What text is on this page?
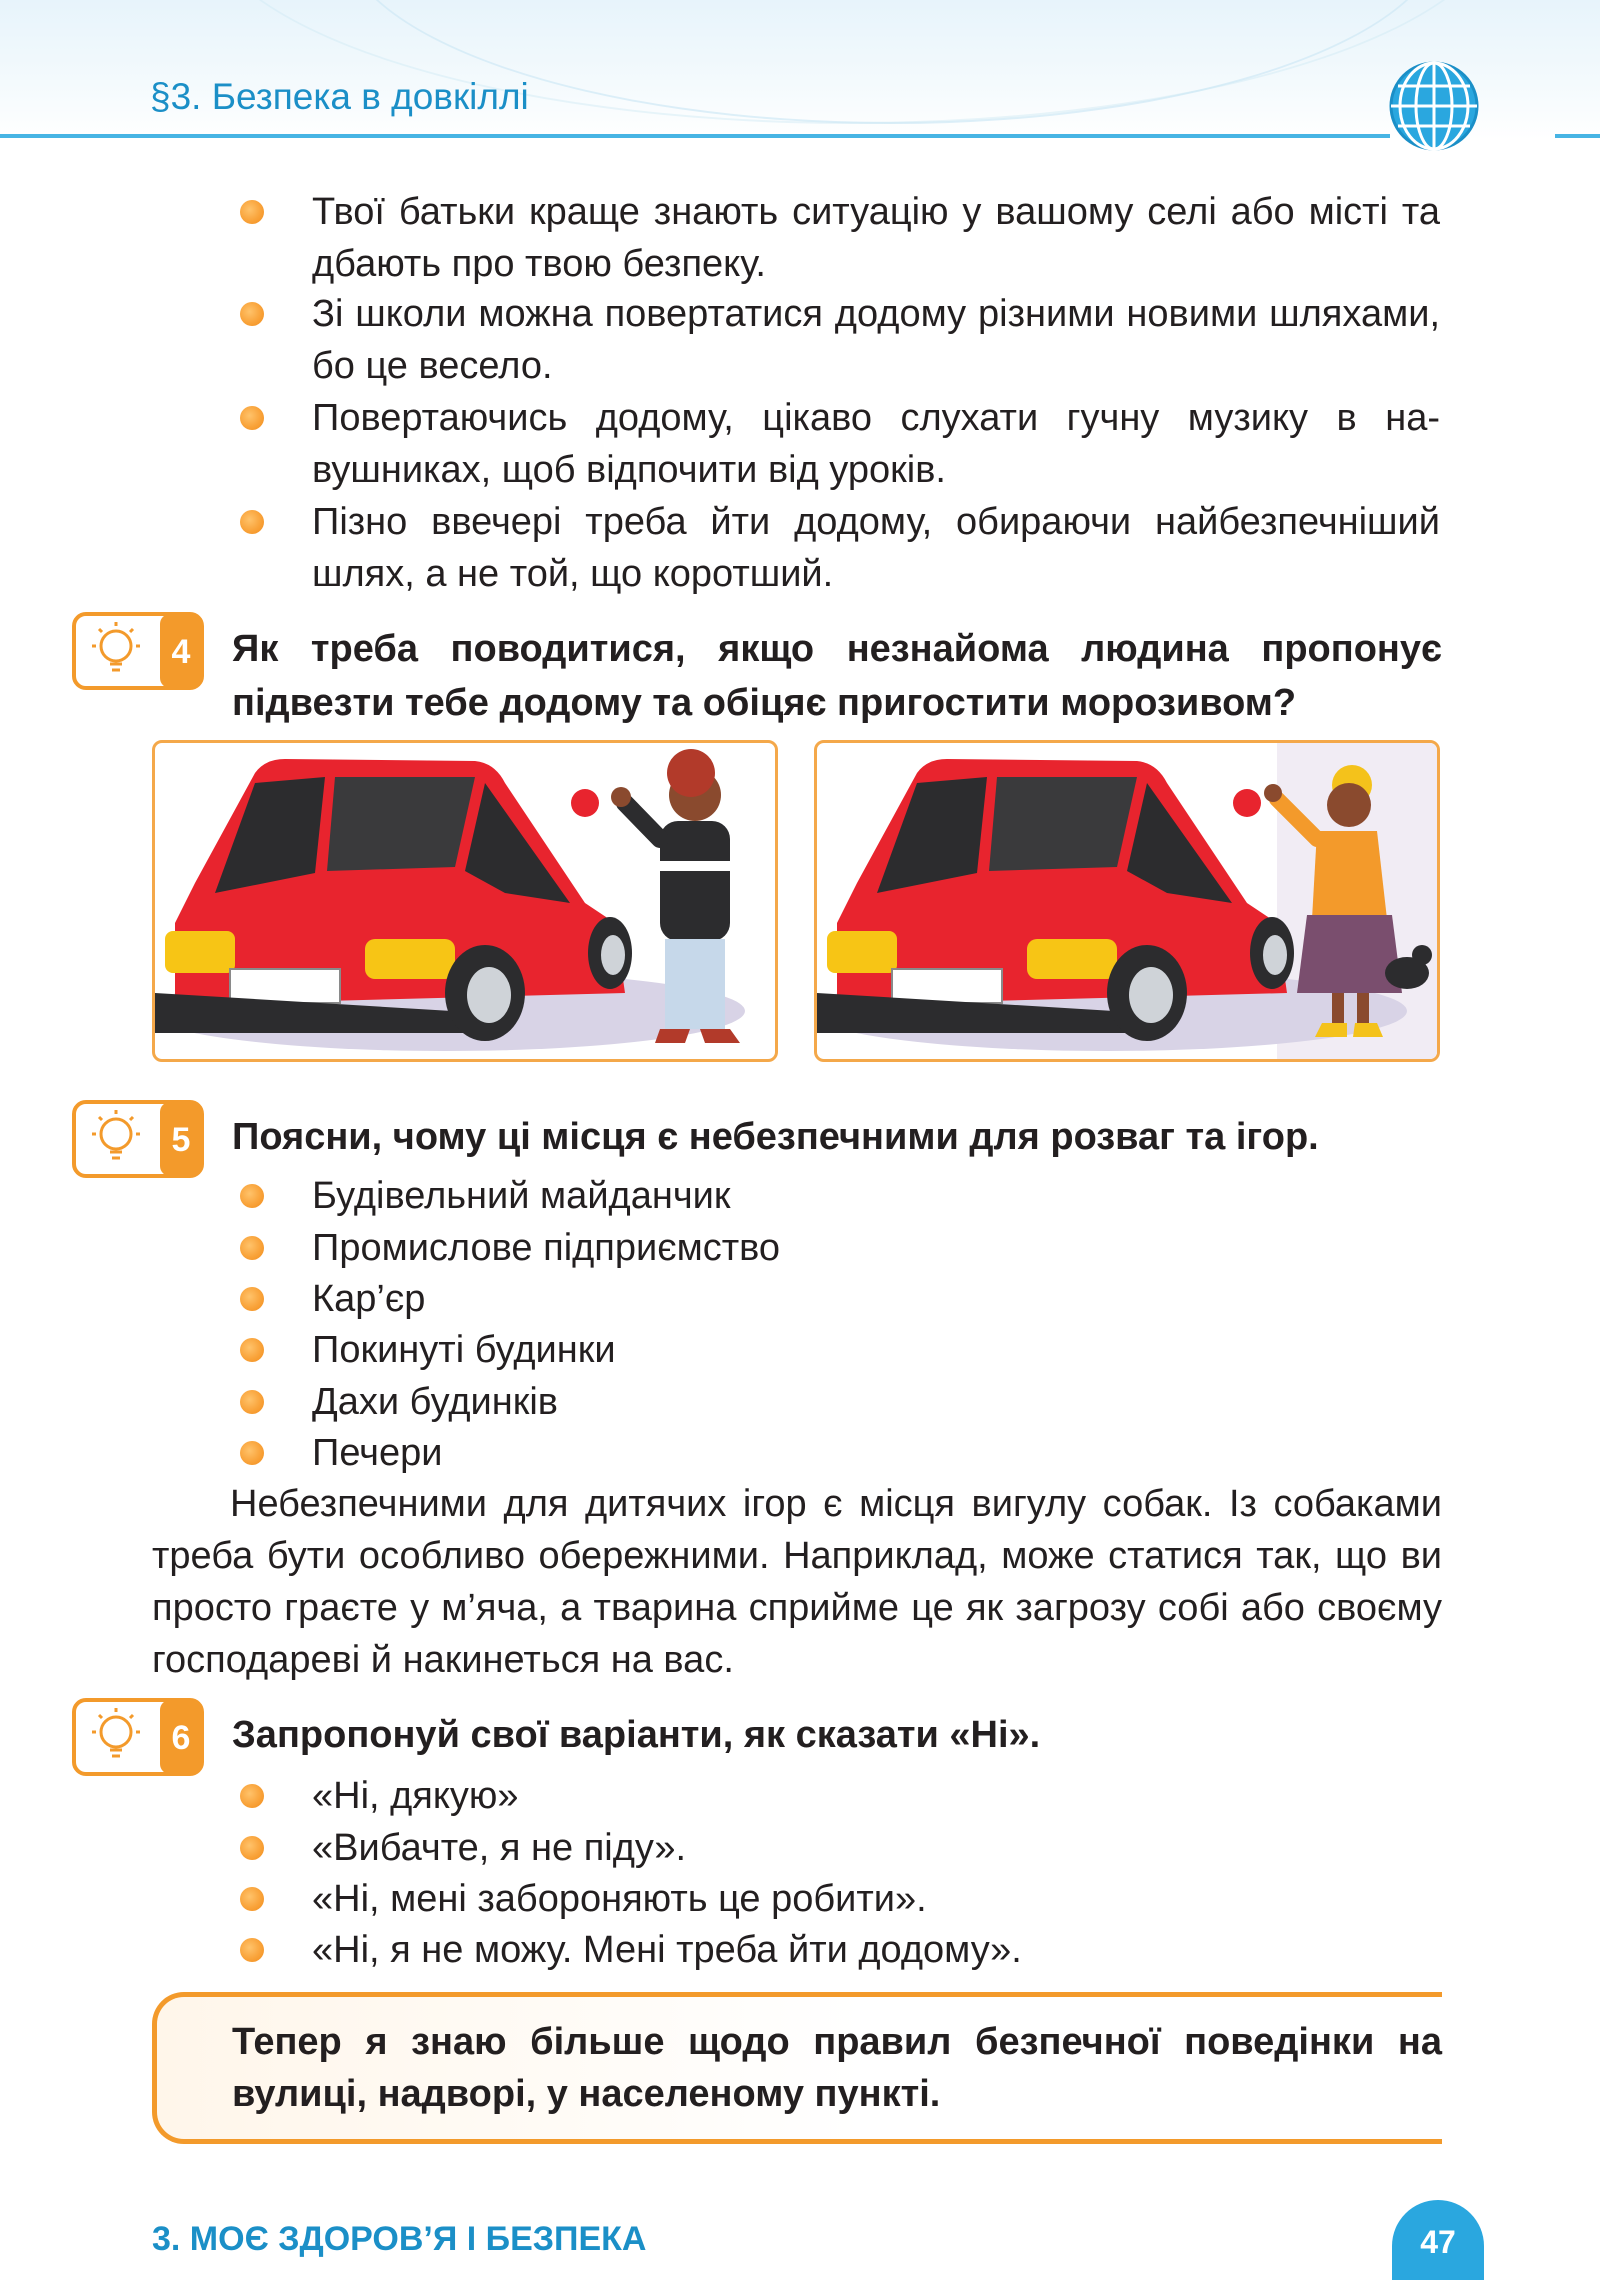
§3. Безпека в довкіллі
Твої батьки краще знають ситуацію у вашому селі або місті та дбають про твою безпеку.
Зі школи можна повертатися додому різними новими шляхами, бо це весело.
Повертаючись додому, цікаво слухати гучну музику в навушниках, щоб відпочити від уроків.
Пізно ввечері треба йти додому, обираючи найбезпечніший шлях, а не той, що коротший.
4 Як треба поводитися, якщо незнайома людина пропонує підвезти тебе додому та обіцяє пригостити морозивом?
5 Поясни, чому ці місця є небезпечними для розваг та ігор.
Будівельний майданчик
Промислове підприємство
Кар’єр
Покинуті будинки
Дахи будинків
Печери
Небезпечними для дитячих ігор є місця вигулу собак. Із собаками треба бути особливо обережними. Наприклад, може статися так, що ви просто граєте у м’яча, а тварина сприйме це як загрозу собі або своєму господареві й накинеться на вас.
6 Запропонуй свої варіанти, як сказати «Ні».
«Ні, дякую»
«Вибачте, я не піду».
«Ні, мені забороняють це робити».
«Ні, я не можу. Мені треба йти додому».
Тепер я знаю більше щодо правил безпечної поведінки на вулиці, надворі, у населеному пункті.
3. МОЄ ЗДОРОВ’Я І БЕЗПЕКА	47
